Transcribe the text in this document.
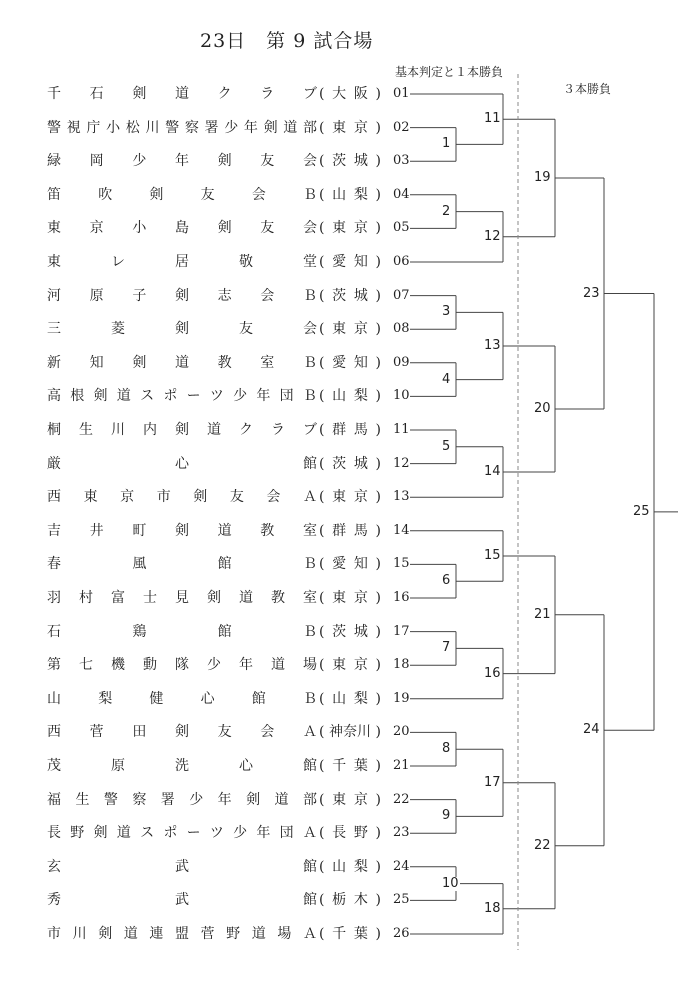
23日　第 9 試合場
基本判定と１本勝負
３本勝負
千 石 剣 道 ク ラ ブ ( 大 阪 ) 01
警 視 庁 小 松 川 警 察 署 少 年 剣 道 部 ( 東 京 ) 02
緑 岡 少 年 剣 友 会 ( 茨 城 ) 03
笛	吹	剣	友	会	Ｂ ( 山 梨 ) 04
東 京 小 島 剣 友 会 ( 東 京 ) 05
東	レ	居	敬	堂 ( 愛 知 ) 06
河 原 子 剣 志 会 Ｂ ( 茨 城 ) 07
三	菱	剣	友	会 ( 東 京 ) 08
新 知 剣 道 教 室 Ｂ ( 愛 知 ) 09
高 根 剣 道 ス ポ ー ツ 少 年 団 Ｂ ( 山 梨 ) 10
桐 生 川 内 剣 道 ク ラ ブ ( 群 馬 ) 11
厳	心	館 ( 茨 城 ) 12
西 東 京 市 剣 友 会 Ａ ( 東 京 ) 13
吉 井 町 剣 道 教 室 ( 群 馬 ) 14
春	風	館	Ｂ ( 愛 知 ) 15
羽 村 富 士 見 剣 道 教 室 ( 東 京 ) 16
石	鶏	館	Ｂ ( 茨 城 ) 17
第 七 機 動 隊 少 年 道 場 ( 東 京 ) 18
山	梨	健	心	館	Ｂ ( 山 梨 ) 19
西 菅 田 剣 友 会 Ａ ( 神奈川 ) 20
茂	原	洗	心	館 ( 千 葉 ) 21
福 生 警 察 署 少 年 剣 道 部 ( 東 京 ) 22
長 野 剣 道 ス ポ ー ツ 少 年 団 Ａ ( 長 野 ) 23
玄	武	館 ( 山 梨 ) 24
秀	武	館 ( 栃 木 ) 25
市 川 剣 道 連 盟 菅 野 道 場 Ａ ( 千 葉 ) 26
1
2
3
4
5
6
7
8
9
10
11
12
13
14
15
16
17
18
19
20
21
22
23
24
25
